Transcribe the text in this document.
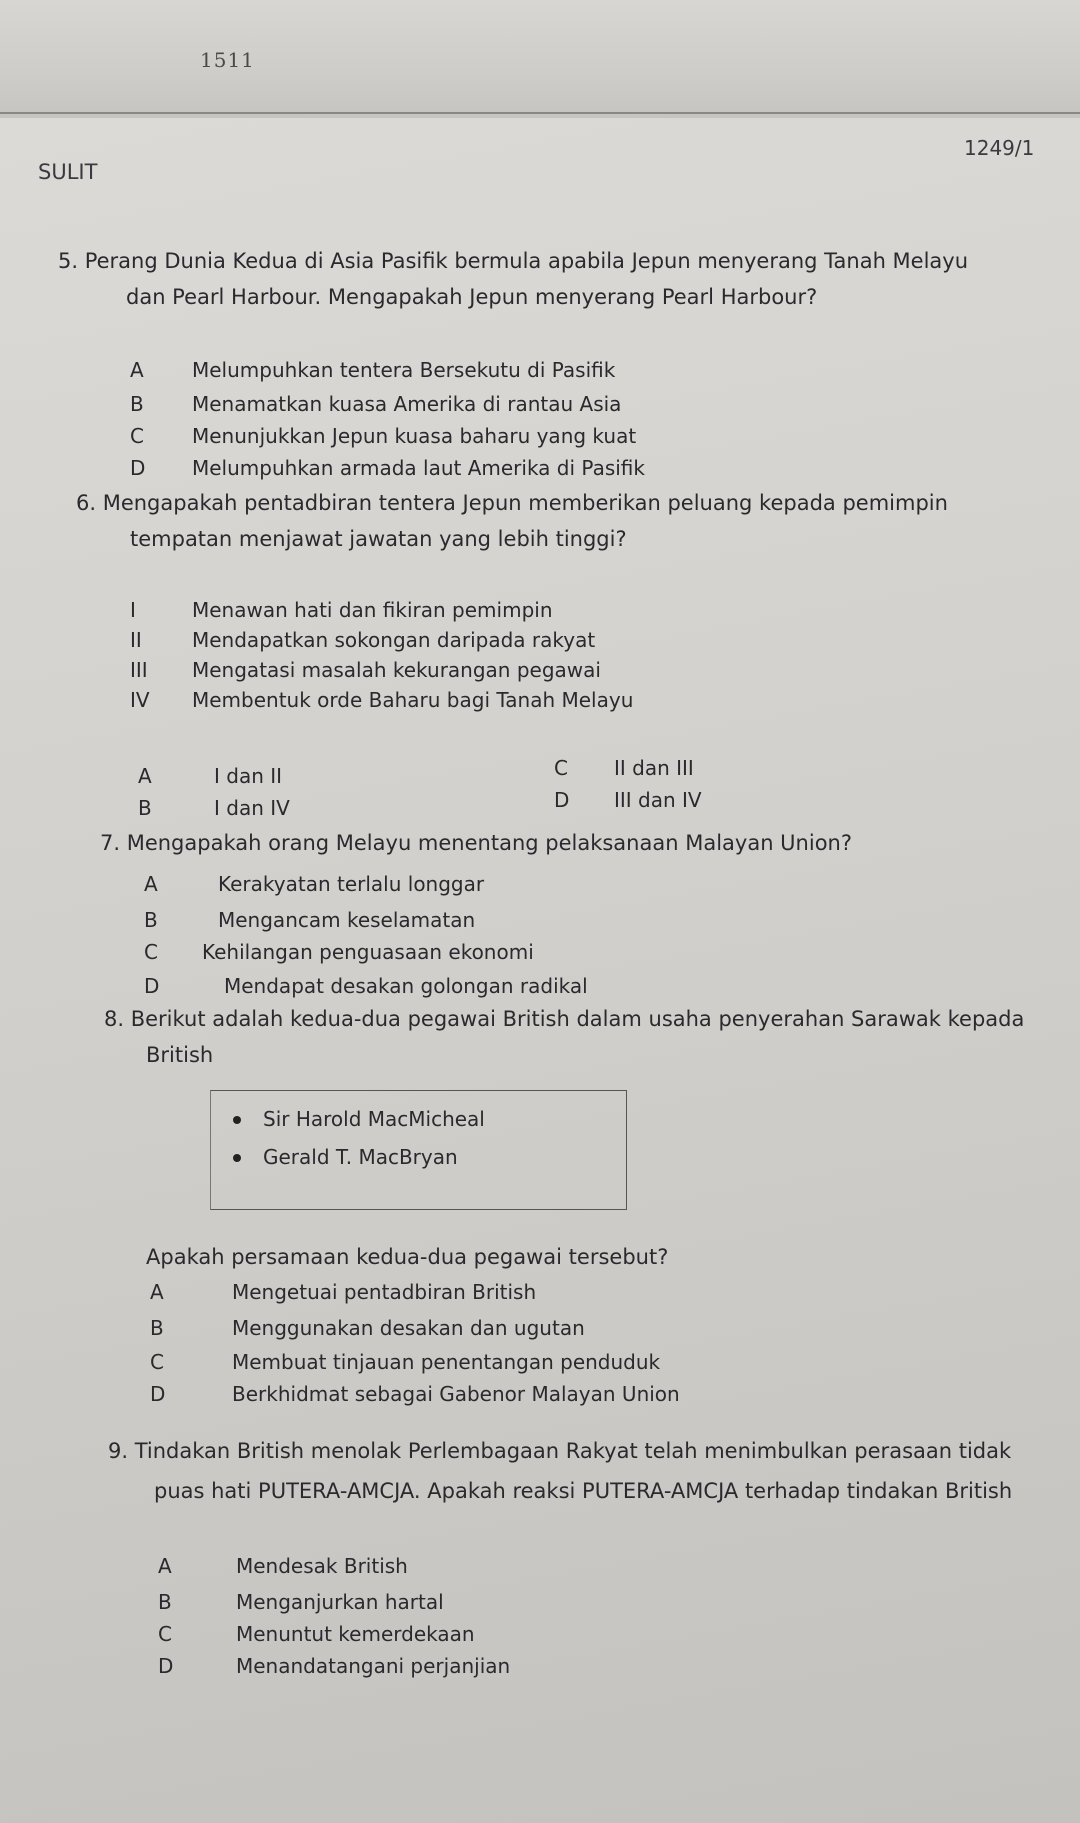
1511
SULIT
1249/1
5. Perang Dunia Kedua di Asia Pasifik bermula apabila Jepun menyerang Tanah Melayu
dan Pearl Harbour. Mengapakah Jepun menyerang Pearl Harbour?
A Melumpuhkan tentera Bersekutu di Pasifik
B Menamatkan kuasa Amerika di rantau Asia
C Menunjukkan Jepun kuasa baharu yang kuat
D Melumpuhkan armada laut Amerika di Pasifik
6. Mengapakah pentadbiran tentera Jepun memberikan peluang kepada pemimpin
tempatan menjawat jawatan yang lebih tinggi?
I	Menawan hati dan fikiran pemimpin
II	Mendapatkan sokongan daripada rakyat
III Mengatasi masalah kekurangan pegawai
IV Membentuk orde Baharu bagi Tanah Melayu
A	I dan II
B	I dan IV
C II dan III
D III dan IV
7. Mengapakah orang Melayu menentang pelaksanaan Malayan Union?
A	Kerakyatan terlalu longgar
B	Mengancam keselamatan
C Kehilangan penguasaan ekonomi
D	Mendapat desakan golongan radikal
8. Berikut adalah kedua-dua pegawai British dalam usaha penyerahan Sarawak kepada
British
Sir Harold MacMicheal
Gerald T. MacBryan
Apakah persamaan kedua-dua pegawai tersebut?
A	Mengetuai pentadbiran British
B	Menggunakan desakan dan ugutan
C	Membuat tinjauan penentangan penduduk
D	Berkhidmat sebagai Gabenor Malayan Union
9. Tindakan British menolak Perlembagaan Rakyat telah menimbulkan perasaan tidak
puas hati PUTERA-AMCJA. Apakah reaksi PUTERA-AMCJA terhadap tindakan British
A	Mendesak British
B	Menganjurkan hartal
C	Menuntut kemerdekaan
D	Menandatangani perjanjian
